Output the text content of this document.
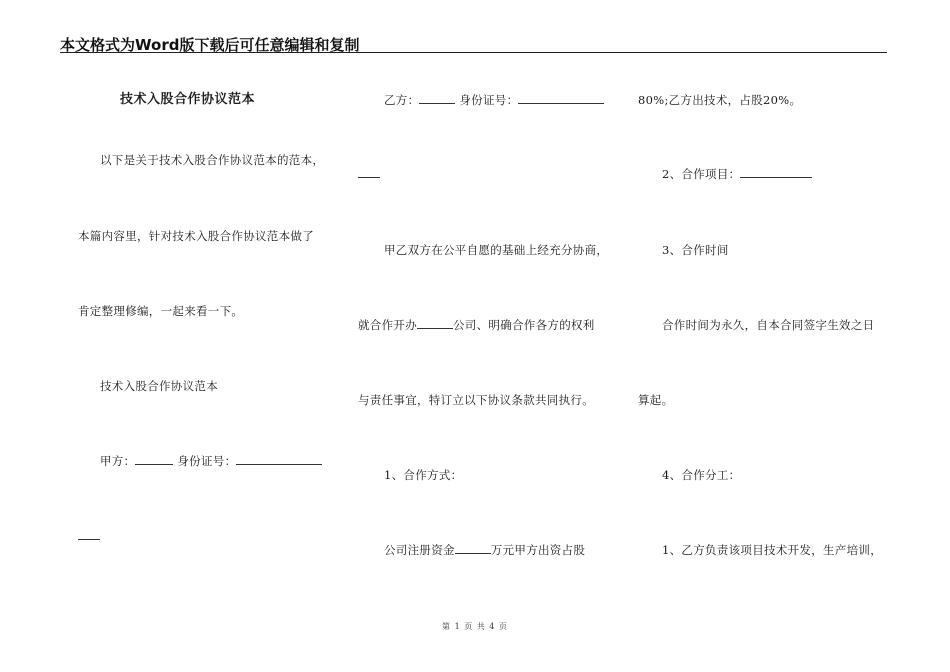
本文格式为Word版下载后可任意编辑和复制
技术入股合作协议范本
以下是关于技术入股合作协议范本的范本，
本篇内容里，针对技术入股合作协议范本做了
肯定整理修编，一起来看一下。
技术入股合作协议范本
甲方：	身份证号：
乙方：	身份证号：
甲乙双方在公平自愿的基础上经充分协商，
就合作开办	公司、明确合作各方的权利
与责任事宜，特订立以下协议条款共同执行。
1、合作方式：
公司注册资金	万元甲方出资占股
80%;乙方出技术，占股20%。
2、合作项目：
3、合作时间
合作时间为永久，自本合同签字生效之日
算起。
4、合作分工：
1、乙方负责该项目技术开发，生产培训，
第 1 页 共 4 页
